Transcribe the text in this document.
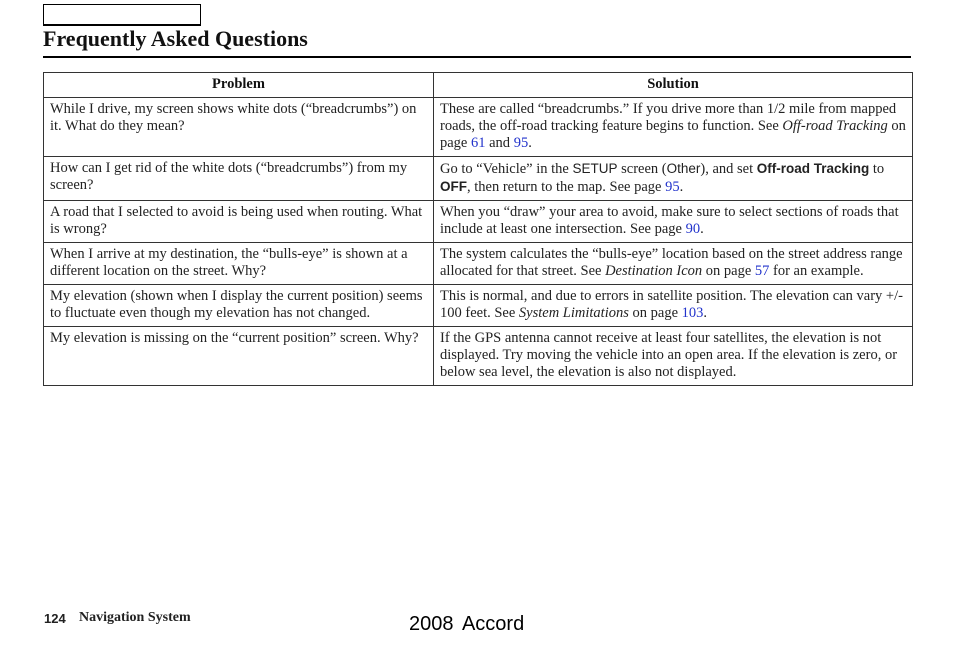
Frequently Asked Questions
Problem	Solution
While I drive, my screen shows white dots (“breadcrumbs”) on it. What do they mean?	These are called “breadcrumbs.” If you drive more than 1/2 mile from mapped roads, the off-road tracking feature begins to function. See Off-road Tracking on page 61 and 95.
How can I get rid of the white dots (“breadcrumbs”) from my screen?	Go to “Vehicle” in the SETUP screen (Other), and set Off-road Tracking to OFF, then return to the map. See page 95.
A road that I selected to avoid is being used when routing. What is wrong?	When you “draw” your area to avoid, make sure to select sections of roads that include at least one intersection. See page 90.
When I arrive at my destination, the “bulls-eye” is shown at a different location on the street. Why?	The system calculates the “bulls-eye” location based on the street address range allocated for that street. See Destination Icon on page 57 for an example.
My elevation (shown when I display the current position) seems to fluctuate even though my elevation has not changed.	This is normal, and due to errors in satellite position. The elevation can vary +/- 100 feet. See System Limitations on page 103.
My elevation is missing on the “current position” screen. Why?	If the GPS antenna cannot receive at least four satellites, the elevation is not displayed. Try moving the vehicle into an open area. If the elevation is zero, or below sea level, the elevation is also not displayed.
124 Navigation System	2008 Accord
